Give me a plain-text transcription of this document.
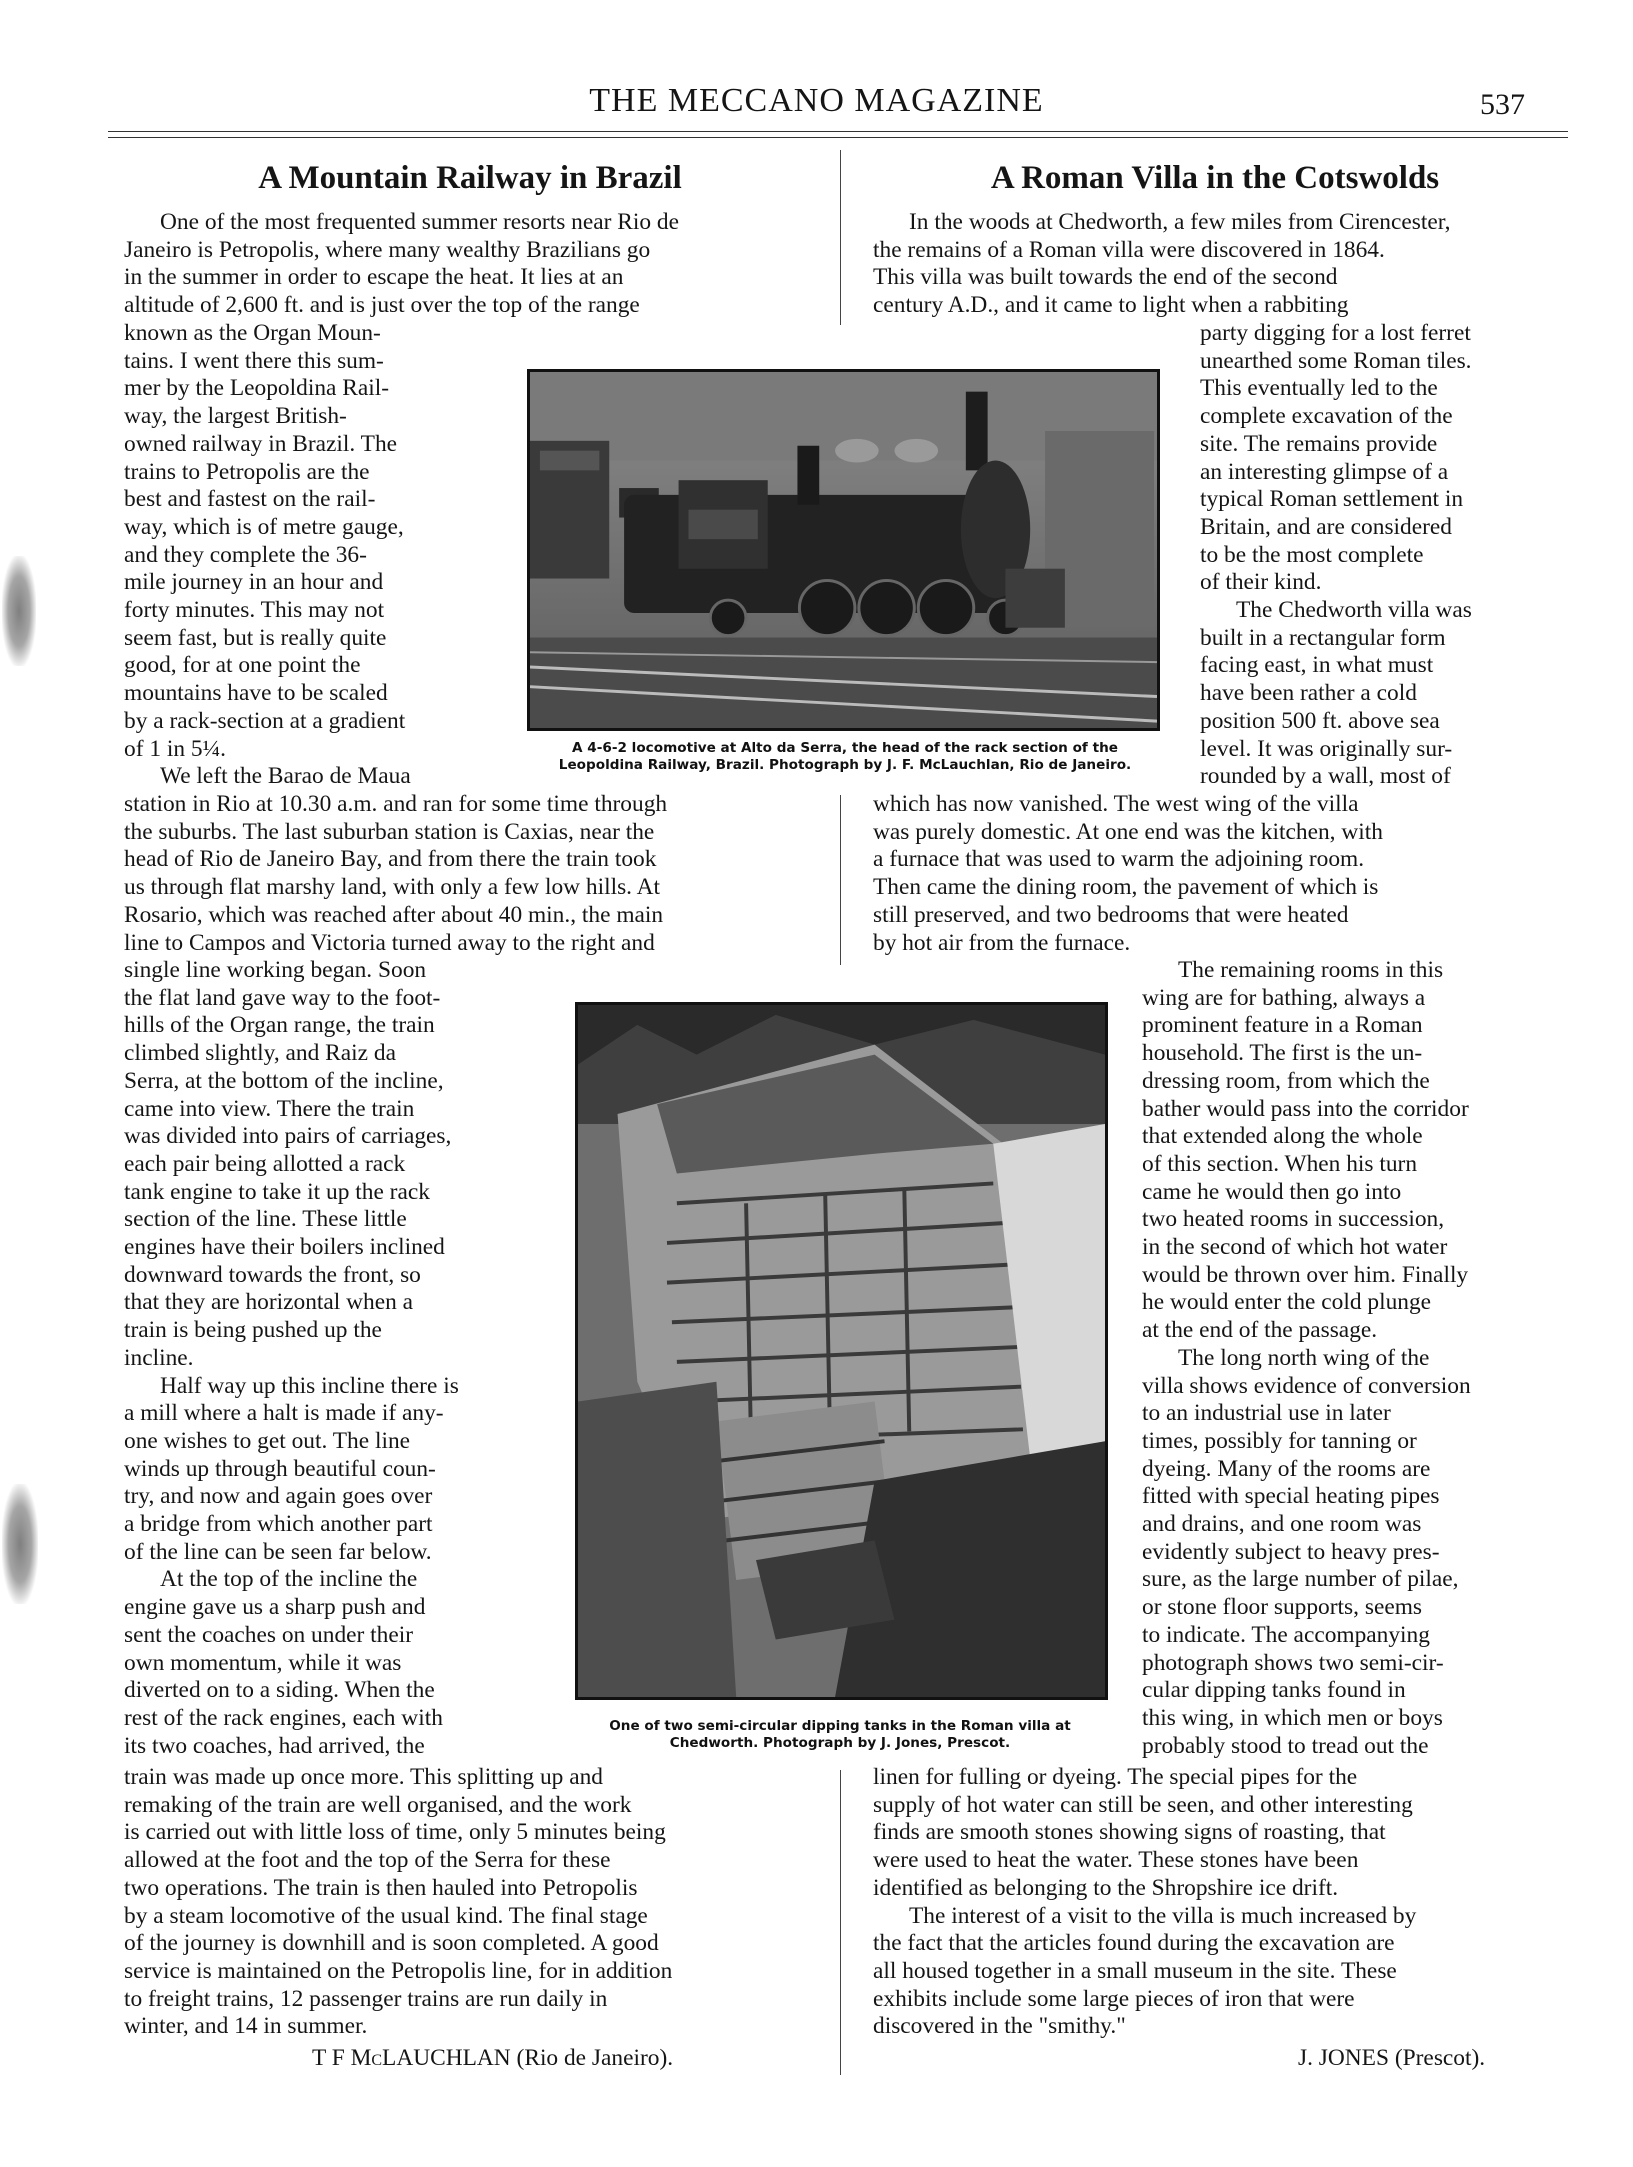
THE MECCANO MAGAZINE	537
A Mountain Railway in Brazil

One of the most frequented summer resorts near Rio de

Janeiro is Petropolis, where many wealthy Brazilians go

in the summer in order to escape the heat. It lies at an

altitude of 2,600 ft. and is just over the top of the range

known as the Organ Moun-

tains. I went there this sum-

mer by the Leopoldina Rail-

way, the largest British-

owned railway in Brazil. The

trains to Petropolis are the

best and fastest on the rail-

way, which is of metre gauge,

and they complete the 36-

mile journey in an hour and

forty minutes. This may not

seem fast, but is really quite

good, for at one point the

mountains have to be scaled

by a rack-section at a gradient

of 1 in 5¼.

We left the Barao de Maua

station in Rio at 10.30 a.m. and ran for some time through

the suburbs. The last suburban station is Caxias, near the

head of Rio de Janeiro Bay, and from there the train took

us through flat marshy land, with only a few low hills. At

Rosario, which was reached after about 40 min., the main

line to Campos and Victoria turned away to the right and

single line working began. Soon

the flat land gave way to the foot-

hills of the Organ range, the train

climbed slightly, and Raiz da

Serra, at the bottom of the incline,

came into view. There the train

was divided into pairs of carriages,

each pair being allotted a rack

tank engine to take it up the rack

section of the line. These little

engines have their boilers inclined

downward towards the front, so

that they are horizontal when a

train is being pushed up the

incline.

Half way up this incline there is

a mill where a halt is made if any-

one wishes to get out. The line

winds up through beautiful coun-

try, and now and again goes over

a bridge from which another part

of the line can be seen far below.

At the top of the incline the

engine gave us a sharp push and

sent the coaches on under their

own momentum, while it was

diverted on to a siding. When the

rest of the rack engines, each with

its two coaches, had arrived, the

train was made up once more. This splitting up and

remaking of the train are well organised, and the work

is carried out with little loss of time, only 5 minutes being

allowed at the foot and the top of the Serra for these

two operations. The train is then hauled into Petropolis

by a steam locomotive of the usual kind. The final stage

of the journey is downhill and is soon completed. A good

service is maintained on the Petropolis line, for in addition

to freight trains, 12 passenger trains are run daily in

winter, and 14 in summer.

T F McLAUCHLAN (Rio de Janeiro).
A Roman Villa in the Cotswolds

In the woods at Chedworth, a few miles from Cirencester,

the remains of a Roman villa were discovered in 1864.

This villa was built towards the end of the second

century A.D., and it came to light when a rabbiting

party digging for a lost ferret

unearthed some Roman tiles.

This eventually led to the

complete excavation of the

site. The remains provide

an interesting glimpse of a

typical Roman settlement in

Britain, and are considered

to be the most complete

of their kind.

The Chedworth villa was

built in a rectangular form

facing east, in what must

have been rather a cold

position 500 ft. above sea

level. It was originally sur-

rounded by a wall, most of

which has now vanished. The west wing of the villa

was purely domestic. At one end was the kitchen, with

a furnace that was used to warm the adjoining room.

Then came the dining room, the pavement of which is

still preserved, and two bedrooms that were heated

by hot air from the furnace.

The remaining rooms in this

wing are for bathing, always a

prominent feature in a Roman

household. The first is the un-

dressing room, from which the

bather would pass into the corridor

that extended along the whole

of this section. When his turn

came he would then go into

two heated rooms in succession,

in the second of which hot water

would be thrown over him. Finally

he would enter the cold plunge

at the end of the passage.

The long north wing of the

villa shows evidence of conversion

to an industrial use in later

times, possibly for tanning or

dyeing. Many of the rooms are

fitted with special heating pipes

and drains, and one room was

evidently subject to heavy pres-

sure, as the large number of pilae,

or stone floor supports, seems

to indicate. The accompanying

photograph shows two semi-cir-

cular dipping tanks found in

this wing, in which men or boys

probably stood to tread out the

linen for fulling or dyeing. The special pipes for the

supply of hot water can still be seen, and other interesting

finds are smooth stones showing signs of roasting, that

were used to heat the water. These stones have been

identified as belonging to the Shropshire ice drift.

The interest of a visit to the villa is much increased by

the fact that the articles found during the excavation are

all housed together in a small museum in the site. These

exhibits include some large pieces of iron that were

discovered in the "smithy."

J. JONES (Prescot).
A 4-6-2 locomotive at Alto da Serra, the head of the rack section of the
Leopoldina Railway, Brazil. Photograph by J. F. McLauchlan, Rio de Janeiro.
One of two semi-circular dipping tanks in the Roman villa at
Chedworth. Photograph by J. Jones, Prescot.
